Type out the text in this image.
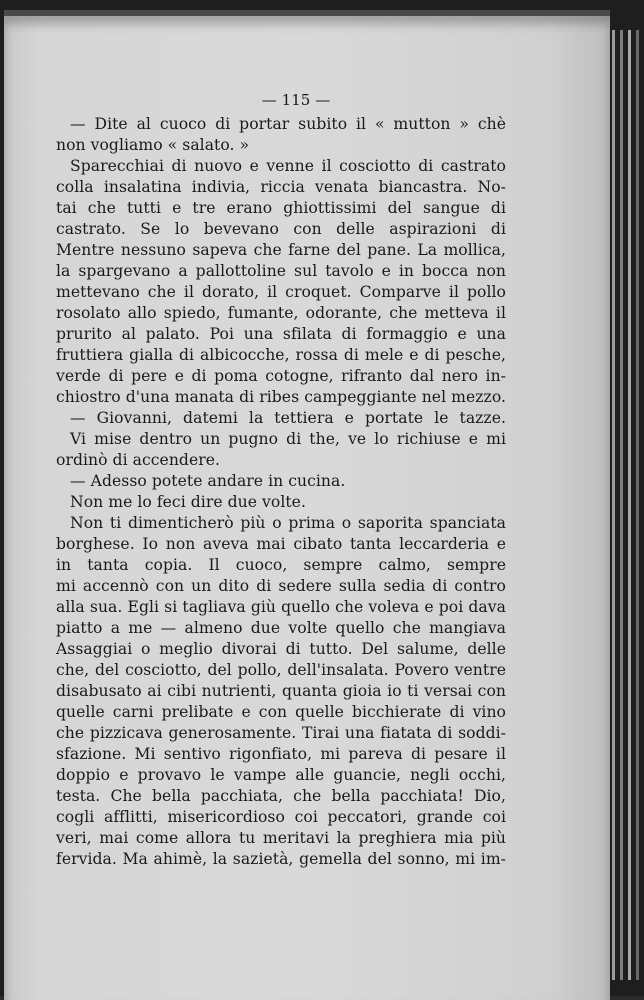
— 115 —
— Dite al cuoco di portar subito il « mutton » chè
non vogliamo « salato. »
Sparecchiai di nuovo e venne il cosciotto di castrato
colla insalatina indivia, riccia venata biancastra. No-
tai che tutti e tre erano ghiottissimi del sangue di
castrato. Se lo bevevano con delle aspirazioni di
Mentre nessuno sapeva che farne del pane. La mollica,
la spargevano a pallottoline sul tavolo e in bocca non
mettevano che il dorato, il croquet. Comparve il pollo
rosolato allo spiedo, fumante, odorante, che metteva il
prurito al palato. Poi una sfilata di formaggio e una
fruttiera gialla di albicocche, rossa di mele e di pesche,
verde di pere e di poma cotogne, rifranto dal nero in-
chiostro d'una manata di ribes campeggiante nel mezzo.
— Giovanni, datemi la tettiera e portate le tazze.
Vi mise dentro un pugno di the, ve lo richiuse e mi
ordinò di accendere.
— Adesso potete andare in cucina.
Non me lo feci dire due volte.
Non ti dimenticherò più o prima o saporita spanciata
borghese. Io non aveva mai cibato tanta leccarderia e
in tanta copia. Il cuoco, sempre calmo, sempre
mi accennò con un dito di sedere sulla sedia di contro
alla sua. Egli si tagliava giù quello che voleva e poi dava
piatto a me — almeno due volte quello che mangiava
Assaggiai o meglio divorai di tutto. Del salume, delle
che, del cosciotto, del pollo, dell'insalata. Povero ventre
disabusato ai cibi nutrienti, quanta gioia io ti versai con
quelle carni prelibate e con quelle bicchierate di vino
che pizzicava generosamente. Tirai una fiatata di soddi-
sfazione. Mi sentivo rigonfiato, mi pareva di pesare il
doppio e provavo le vampe alle guancie, negli occhi,
testa. Che bella pacchiata, che bella pacchiata! Dio,
cogli afflitti, misericordioso coi peccatori, grande coi
veri, mai come allora tu meritavi la preghiera mia più
fervida. Ma ahimè, la sazietà, gemella del sonno, mi im-
